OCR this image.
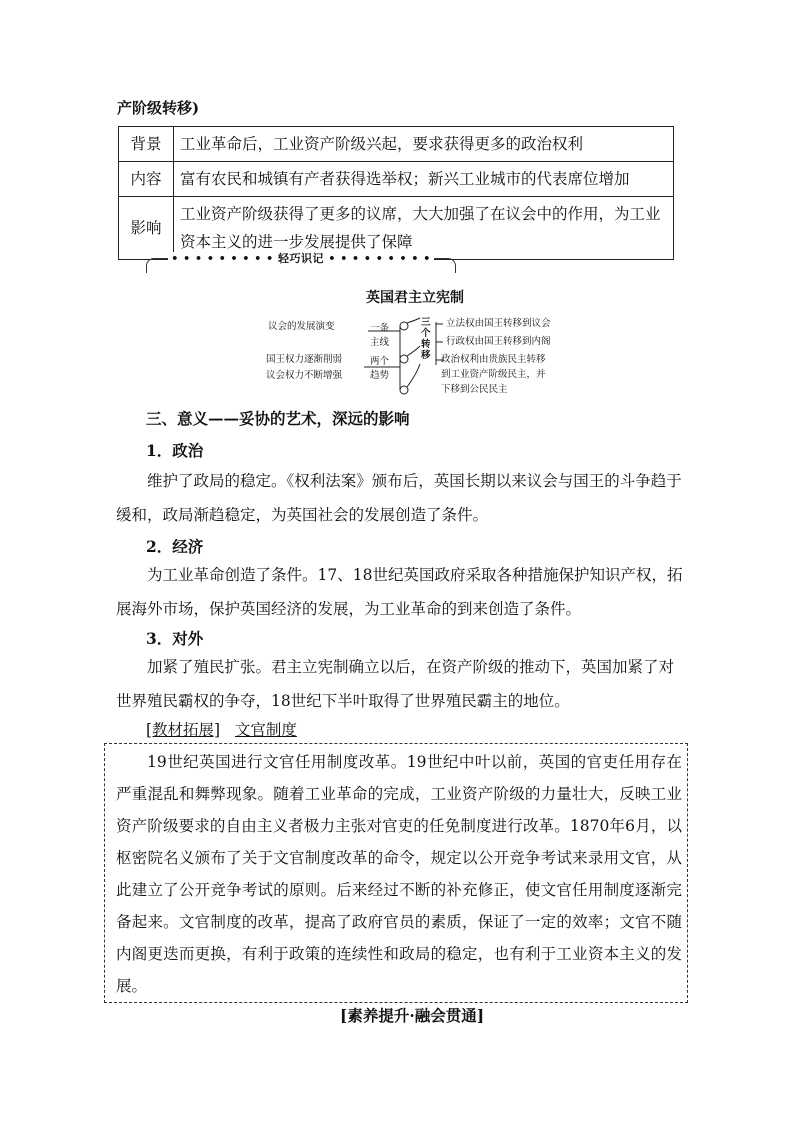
产阶级转移)
背景	工业革命后，工业资产阶级兴起，要求获得更多的政治权利
内容	富有农民和城镇有产者获得选举权；新兴工业城市的代表席位增加
影响	工业资产阶级获得了更多的议席，大大加强了在议会中的作用，为工业资本主义的进一步发展提供了保障
• • • • • • • • • 轻巧识记 • • • • • • • • •
英国君主立宪制
议会的发展演变
国王权力逐渐削弱
议会权力不断增强
一条
主线
两个
趋势
三
个
转
移
立法权由国王转移到议会
行政权由国王转移到内阁
政治权利由贵族民主转移
到工业资产阶级民主，并
下移到公民民主
三、意义——妥协的艺术，深远的影响
1．政治
维护了政局的稳定。《权利法案》颁布后，英国长期以来议会与国王的斗争趋于缓和，政局渐趋稳定，为英国社会的发展创造了条件。
2．经济
为工业革命创造了条件。17、18世纪英国政府采取各种措施保护知识产权，拓展海外市场，保护英国经济的发展，为工业革命的到来创造了条件。
3．对外
加紧了殖民扩张。君主立宪制确立以后，在资产阶级的推动下，英国加紧了对世界殖民霸权的争夺，18世纪下半叶取得了世界殖民霸主的地位。
[教材拓展] 文官制度
19世纪英国进行文官任用制度改革。19世纪中叶以前，英国的官吏任用存在严重混乱和舞弊现象。随着工业革命的完成，工业资产阶级的力量壮大，反映工业资产阶级要求的自由主义者极力主张对官吏的任免制度进行改革。1870年6月，以枢密院名义颁布了关于文官制度改革的命令，规定以公开竞争考试来录用文官，从此建立了公开竞争考试的原则。后来经过不断的补充修正，使文官任用制度逐渐完备起来。文官制度的改革，提高了政府官员的素质，保证了一定的效率；文官不随内阁更迭而更换，有利于政策的连续性和政局的稳定，也有利于工业资本主义的发展。
[素养提升·融会贯通]
